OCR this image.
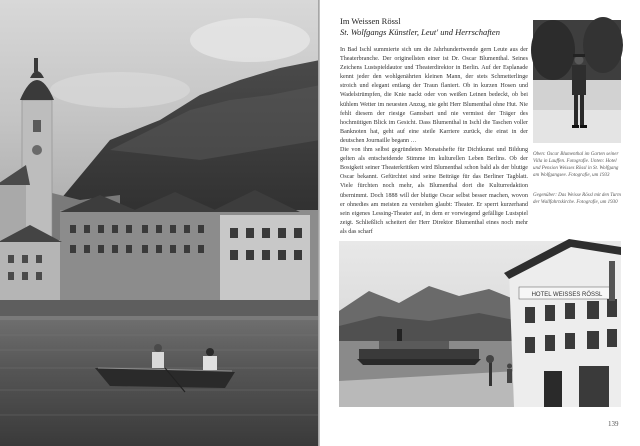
Im Weissen Rössl
St. Wolfgangs Künstler, Leut' und Herrschaften

In Bad Ischl summierte sich um die Jahrhundertwende gern Leute aus der Theaterbranche. Der originellsten einer ist Dr. Oscar Blumenthal. Seines Zeichens Lustspieldautor und Theaterdirektor in Berlin. Auf der Esplanade kennt jeder den wohlgenährten kleinen Mann, der stets Schmetterlinge stroich und elegant entlang der Traun flaniert. Ob in kurzen Hosen und Wadelstrümpfen, die Knie nackt oder von weißen Leinen bedeckt, ob bei kühlem Wetter im neuesten Anzug, nie geht Herr Blumenthal ohne Hut. Nie fehlt diesem der riesige Gamsbart und nie vermisst der Träger des hochmütigen Blick im Gesicht. Dass Blumenthal in Ischl die Taschen voller Banknoten hat, geht auf eine steile Karriere zurück, die einst in der deutschen Journaille begann …

Die von ihm selbst gegründeten Monatshefte für Dichtkunst und Bildung gelten als entscheidende Stimme im kulturellen Leben Berlins. Ob der Bosigkeit seiner Theaterkritiken wird Blumenthal schon bald als der blutige Oscar bekannt. Gefürchtet sind seine Beiträge für das Berliner Tagblatt. Viele fürchten noch mehr, als Blumenthal dort die Kulturredaktion übernimmt. Doch 1888 will der blutige Oscar selbst besser machen, wovon er ohnedies am meisten zu verstehen glaubt: Theater. Er sperrt kurzerhand sein eigenes Lessing-Theater auf, in dem er vorwiegend gefällige Lustspiel zeigt. Schließlich scheitert der Herr Direktor Blumenthal eines noch mehr als das scharf

Oben: Oscar Blumenthal im Garten seiner Villa in Lauffen. Fotografie. Unten: Hotel und Pension Weisses Rössl in St. Wolfgang am Wolfgangsee. Fotografie, um 1933
Gegenüber: Das Weisse Rössl mit den Turm der Wallfahrtskirche. Fotografie, um 1930
HOTEL WEISSES RÖSSL
139
